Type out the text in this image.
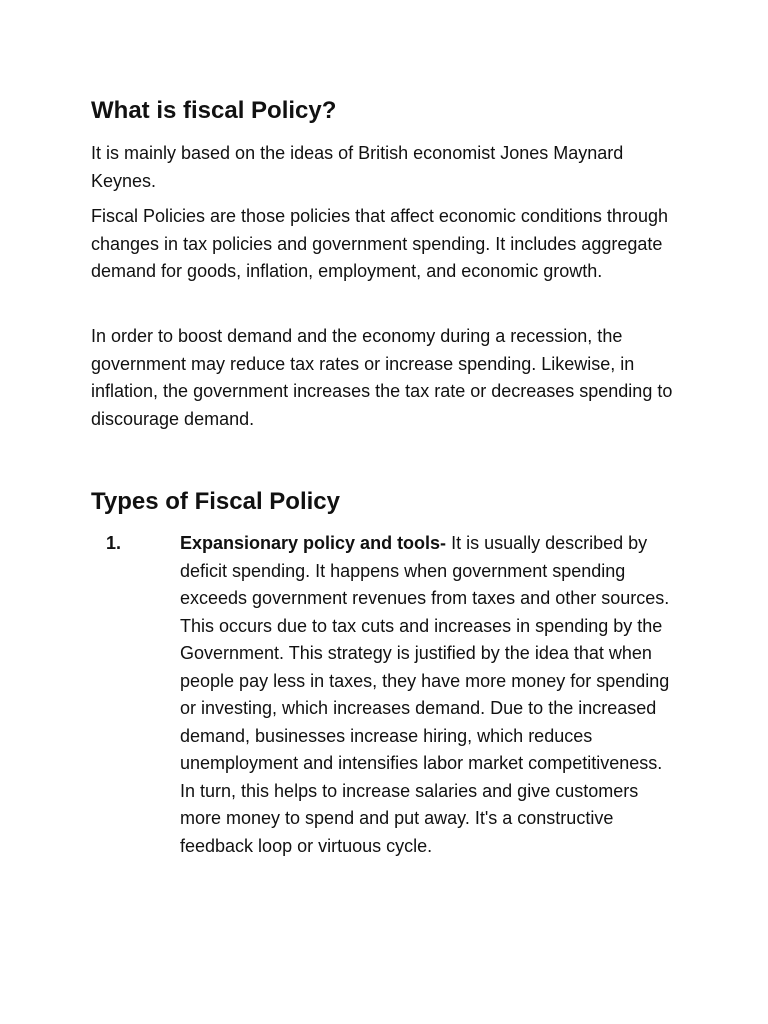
What is fiscal Policy?

It is mainly based on the ideas of British economist Jones Maynard Keynes.

Fiscal Policies are those policies that affect economic conditions through changes in tax policies and government spending. It includes aggregate demand for goods, inflation, employment, and economic growth.

In order to boost demand and the economy during a recession, the government may reduce tax rates or increase spending. Likewise, in inflation, the government increases the tax rate or decreases spending to discourage demand.

Types of Fiscal Policy
1.	Expansionary policy and tools- It is usually described by deficit spending. It happens when government spending exceeds government revenues from taxes and other sources. This occurs due to tax cuts and increases in spending by the Government. This strategy is justified by the idea that when people pay less in taxes, they have more money for spending or investing, which increases demand. Due to the increased demand, businesses increase hiring, which reduces unemployment and intensifies labor market competitiveness. In turn, this helps to increase salaries and give customers more money to spend and put away. It's a constructive feedback loop or virtuous cycle.
